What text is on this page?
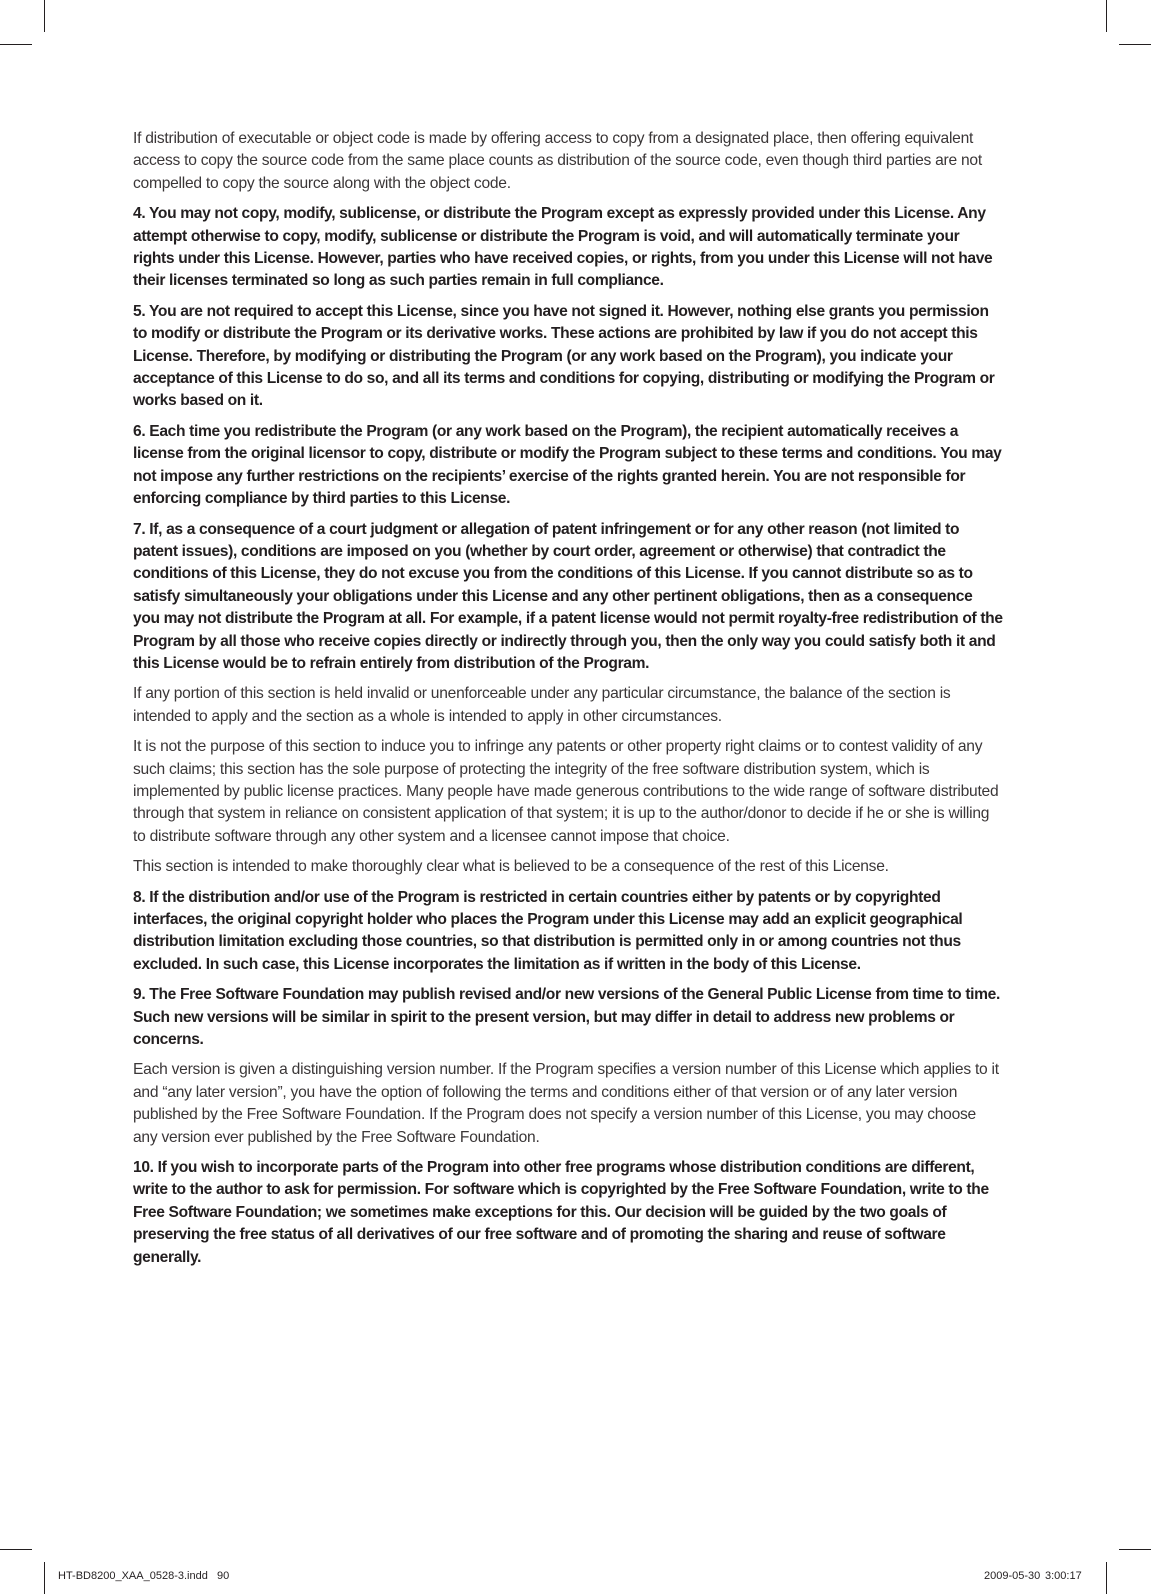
If distribution of executable or object code is made by offering access to copy from a designated place, then offering equivalent access to copy the source code from the same place counts as distribution of the source code, even though third parties are not compelled to copy the source along with the object code.

4. You may not copy, modify, sublicense, or distribute the Program except as expressly provided under this License. Any attempt otherwise to copy, modify, sublicense or distribute the Program is void, and will automatically terminate your rights under this License. However, parties who have received copies, or rights, from you under this License will not have their licenses terminated so long as such parties remain in full compliance.

5. You are not required to accept this License, since you have not signed it. However, nothing else grants you permission to modify or distribute the Program or its derivative works. These actions are prohibited by law if you do not accept this License. Therefore, by modifying or distributing the Program (or any work based on the Program), you indicate your acceptance of this License to do so, and all its terms and conditions for copying, distributing or modifying the Program or works based on it.

6. Each time you redistribute the Program (or any work based on the Program), the recipient automatically receives a license from the original licensor to copy, distribute or modify the Program subject to these terms and conditions. You may not impose any further restrictions on the recipients’ exercise of the rights granted herein. You are not responsible for enforcing compliance by third parties to this License.

7. If, as a consequence of a court judgment or allegation of patent infringement or for any other reason (not limited to patent issues), conditions are imposed on you (whether by court order, agreement or otherwise) that contradict the conditions of this License, they do not excuse you from the conditions of this License. If you cannot distribute so as to satisfy simultaneously your obligations under this License and any other pertinent obligations, then as a consequence you may not distribute the Program at all. For example, if a patent license would not permit royalty-free redistribution of the Program by all those who receive copies directly or indirectly through you, then the only way you could satisfy both it and this License would be to refrain entirely from distribution of the Program.

If any portion of this section is held invalid or unenforceable under any particular circumstance, the balance of the section is intended to apply and the section as a whole is intended to apply in other circumstances.

It is not the purpose of this section to induce you to infringe any patents or other property right claims or to contest validity of any such claims; this section has the sole purpose of protecting the integrity of the free software distribution system, which is implemented by public license practices. Many people have made generous contributions to the wide range of software distributed through that system in reliance on consistent application of that system; it is up to the author/donor to decide if he or she is willing to distribute software through any other system and a licensee cannot impose that choice.

This section is intended to make thoroughly clear what is believed to be a consequence of the rest of this License.

8. If the distribution and/or use of the Program is restricted in certain countries either by patents or by copyrighted interfaces, the original copyright holder who places the Program under this License may add an explicit geographical distribution limitation excluding those countries, so that distribution is permitted only in or among countries not thus excluded. In such case, this License incorporates the limitation as if written in the body of this License.

9. The Free Software Foundation may publish revised and/or new versions of the General Public License from time to time. Such new versions will be similar in spirit to the present version, but may differ in detail to address new problems or concerns.

Each version is given a distinguishing version number. If the Program specifies a version number of this License which applies to it and “any later version”, you have the option of following the terms and conditions either of that version or of any later version published by the Free Software Foundation. If the Program does not specify a version number of this License, you may choose any version ever published by the Free Software Foundation.

10. If you wish to incorporate parts of the Program into other free programs whose distribution conditions are different, write to the author to ask for permission. For software which is copyrighted by the Free Software Foundation, write to the Free Software Foundation; we sometimes make exceptions for this. Our decision will be guided by the two goals of preserving the free status of all derivatives of our free software and of promoting the sharing and reuse of software generally.

HT-BD8200_XAA_0528-3.indd   90	2009-05-30 3:00:17
